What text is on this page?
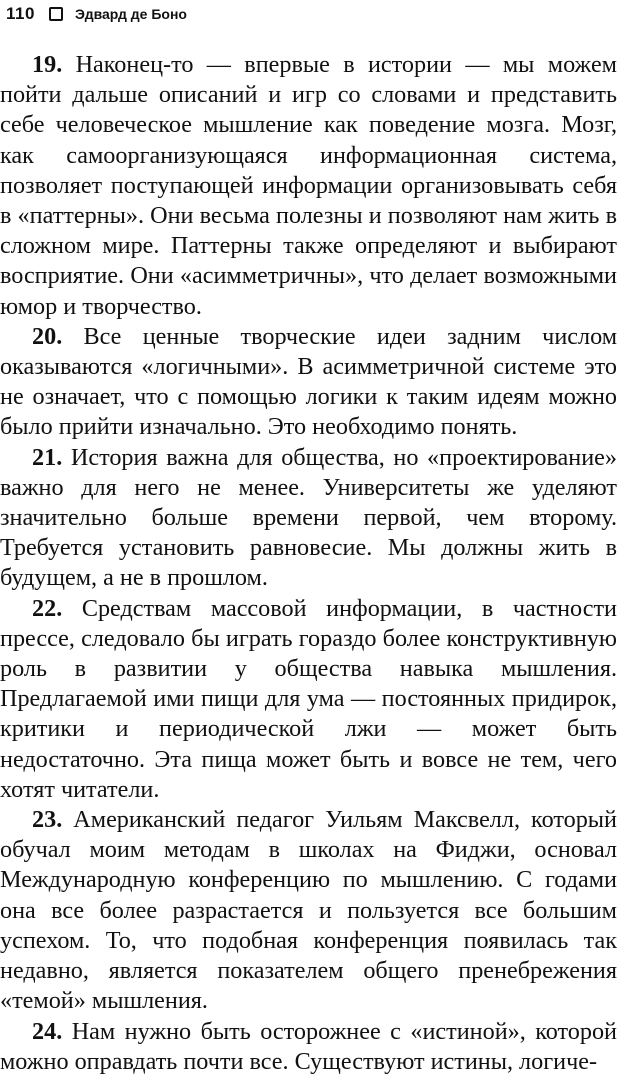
110	Эдвард де Боно

19. Наконец-то — впервые в истории — мы можем пойти дальше описаний и игр со словами и представить себе человеческое мышление как поведение мозга. Мозг, как самоорганизующаяся информационная система, позволяет поступающей информации организовывать себя в «паттерны». Они весьма полезны и позволяют нам жить в сложном мире. Паттерны также определяют и выбирают восприятие. Они «асимметричны», что делает возможными юмор и творчество.

20. Все ценные творческие идеи задним числом оказываются «логичными». В асимметричной системе это не означает, что с помощью логики к таким идеям можно было прийти изначально. Это необходимо понять.

21. История важна для общества, но «проектирование» важно для него не менее. Университеты же уделяют значительно больше времени первой, чем второму. Требуется установить равновесие. Мы должны жить в будущем, а не в прошлом.

22. Средствам массовой информации, в частности прессе, следовало бы играть гораздо более конструктивную роль в развитии у общества навыка мышления. Предлагаемой ими пищи для ума — постоянных придирок, критики и периодической лжи — может быть недостаточно. Эта пища может быть и вовсе не тем, чего хотят читатели.

23. Американский педагог Уильям Максвелл, который обучал моим методам в школах на Фиджи, основал Международную конференцию по мышлению. С годами она все более разрастается и пользуется все большим успехом. То, что подобная конференция появилась так недавно, является показателем общего пренебрежения «темой» мышления.

24. Нам нужно быть осторожнее с «истиной», которой можно оправдать почти все. Существуют истины, логиче-
